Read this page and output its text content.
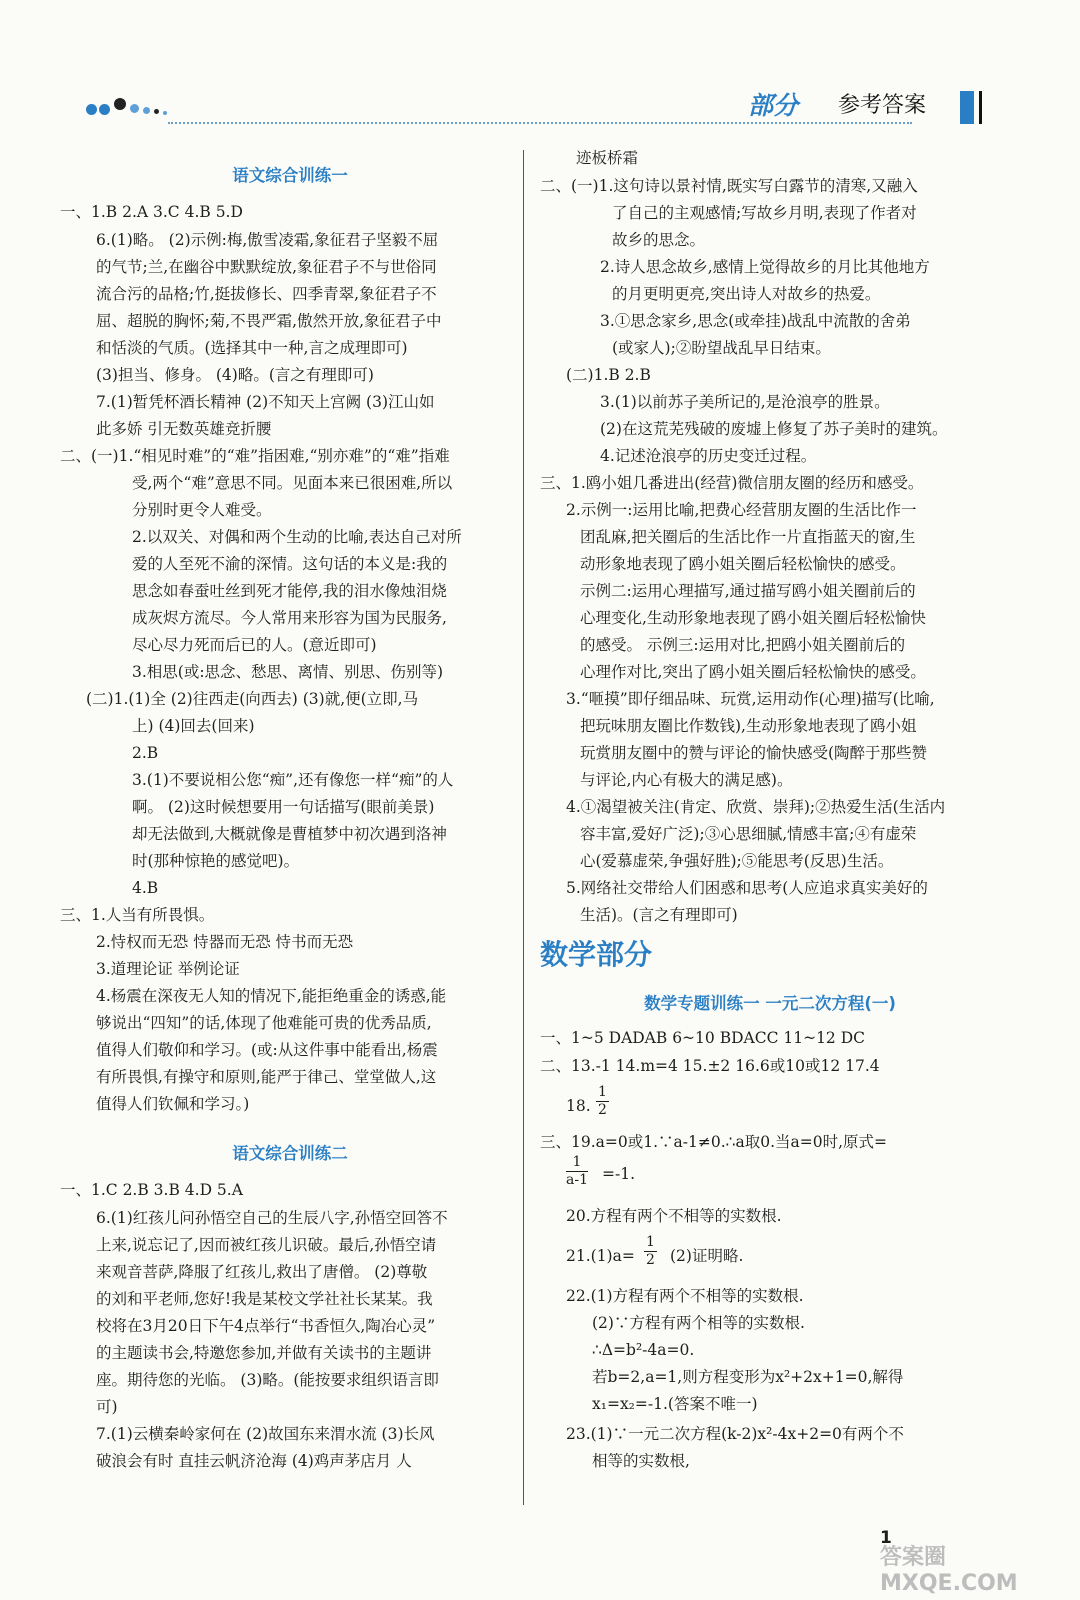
部分 参考答案
语文综合训练一
一、1.B 2.A 3.C 4.B 5.D
6.(1)略。 (2)示例:梅,傲雪凌霜,象征君子坚毅不屈
的气节;兰,在幽谷中默默绽放,象征君子不与世俗同
流合污的品格;竹,挺拔修长、四季青翠,象征君子不
屈、超脱的胸怀;菊,不畏严霜,傲然开放,象征君子中
和恬淡的气质。(选择其中一种,言之成理即可)
(3)担当、修身。 (4)略。(言之有理即可)
7.(1)暂凭杯酒长精神 (2)不知天上宫阙 (3)江山如
此多娇 引无数英雄竞折腰
二、(一)1.“相见时难”的“难”指困难,“别亦难”的“难”指难
受,两个“难”意思不同。见面本来已很困难,所以
分别时更令人难受。
2.以双关、对偶和两个生动的比喻,表达自己对所
爱的人至死不渝的深情。这句话的本义是:我的
思念如春蚕吐丝到死才能停,我的泪水像烛泪烧
成灰烬方流尽。今人常用来形容为国为民服务,
尽心尽力死而后已的人。(意近即可)
3.相思(或:思念、愁思、离情、别思、伤别等)
(二)1.(1)全 (2)往西走(向西去) (3)就,便(立即,马
上) (4)回去(回来)
2.B
3.(1)不要说相公您“痴”,还有像您一样“痴”的人
啊。 (2)这时候想要用一句话描写(眼前美景)
却无法做到,大概就像是曹植梦中初次遇到洛神
时(那种惊艳的感觉吧)。
4.B
三、1.人当有所畏惧。
2.恃权而无恐 恃器而无恐 恃书而无恐
3.道理论证 举例论证
4.杨震在深夜无人知的情况下,能拒绝重金的诱惑,能
够说出“四知”的话,体现了他难能可贵的优秀品质,
值得人们敬仰和学习。(或:从这件事中能看出,杨震
有所畏惧,有操守和原则,能严于律己、堂堂做人,这
值得人们钦佩和学习。)
语文综合训练二
一、1.C 2.B 3.B 4.D 5.A
6.(1)红孩儿问孙悟空自己的生辰八字,孙悟空回答不
上来,说忘记了,因而被红孩儿识破。最后,孙悟空请
来观音菩萨,降服了红孩儿,救出了唐僧。 (2)尊敬
的刘和平老师,您好!我是某校文学社社长某某。我
校将在3月20日下午4点举行“书香恒久,陶冶心灵”
的主题读书会,特邀您参加,并做有关读书的主题讲
座。期待您的光临。 (3)略。(能按要求组织语言即
可)
7.(1)云横秦岭家何在 (2)故国东来渭水流 (3)长风
破浪会有时 直挂云帆济沧海 (4)鸡声茅店月 人
迹板桥霜
二、(一)1.这句诗以景衬情,既实写白露节的清寒,又融入
了自己的主观感情;写故乡月明,表现了作者对
故乡的思念。
2.诗人思念故乡,感情上觉得故乡的月比其他地方
的月更明更亮,突出诗人对故乡的热爱。
3.①思念家乡,思念(或牵挂)战乱中流散的舍弟
(或家人);②盼望战乱早日结束。
(二)1.B 2.B
3.(1)以前苏子美所记的,是沧浪亭的胜景。
(2)在这荒芜残破的废墟上修复了苏子美时的建筑。
4.记述沧浪亭的历史变迁过程。
三、1.鸥小姐几番进出(经营)微信朋友圈的经历和感受。
2.示例一:运用比喻,把费心经营朋友圈的生活比作一
团乱麻,把关圈后的生活比作一片直指蓝天的窗,生
动形象地表现了鸥小姐关圈后轻松愉快的感受。
示例二:运用心理描写,通过描写鸥小姐关圈前后的
心理变化,生动形象地表现了鸥小姐关圈后轻松愉快
的感受。 示例三:运用对比,把鸥小姐关圈前后的
心理作对比,突出了鸥小姐关圈后轻松愉快的感受。
3.“咂摸”即仔细品味、玩赏,运用动作(心理)描写(比喻,
把玩味朋友圈比作数钱),生动形象地表现了鸥小姐
玩赏朋友圈中的赞与评论的愉快感受(陶醉于那些赞
与评论,内心有极大的满足感)。
4.①渴望被关注(肯定、欣赏、崇拜);②热爱生活(生活内
容丰富,爱好广泛);③心思细腻,情感丰富;④有虚荣
心(爱慕虚荣,争强好胜);⑤能思考(反思)生活。
5.网络社交带给人们困惑和思考(人应追求真实美好的
生活)。(言之有理即可)
数学部分
数学专题训练一 一元二次方程(一)
一、1~5 DADAB 6~10 BDACC 11~12 DC
二、13.-1 14.m=4 15.±2 16.6或10或12 17.4
18. $\frac{1}{2}$
三、19.a=0或1.∵a-1≠0.∴a取0.当a=0时,原式=
$\frac{1}{a-1} =-1$.
20.方程有两个不相等的实数根.
$21.(1)a= \frac{1}{2} (2)$证明略.
22.(1)方程有两个不相等的实数根.
(2)∵方程有两个相等的实数根.
∴Δ=b²-4a=0.
若b=2,a=1,则方程变形为x²+2x+1=0,解得
x₁=x₂=-1.(答案不唯一)
23.(1)∵一元二次方程(k-2)x²-4x+2=0有两个不
相等的实数根,
1
答案圈 MXQE.COM
